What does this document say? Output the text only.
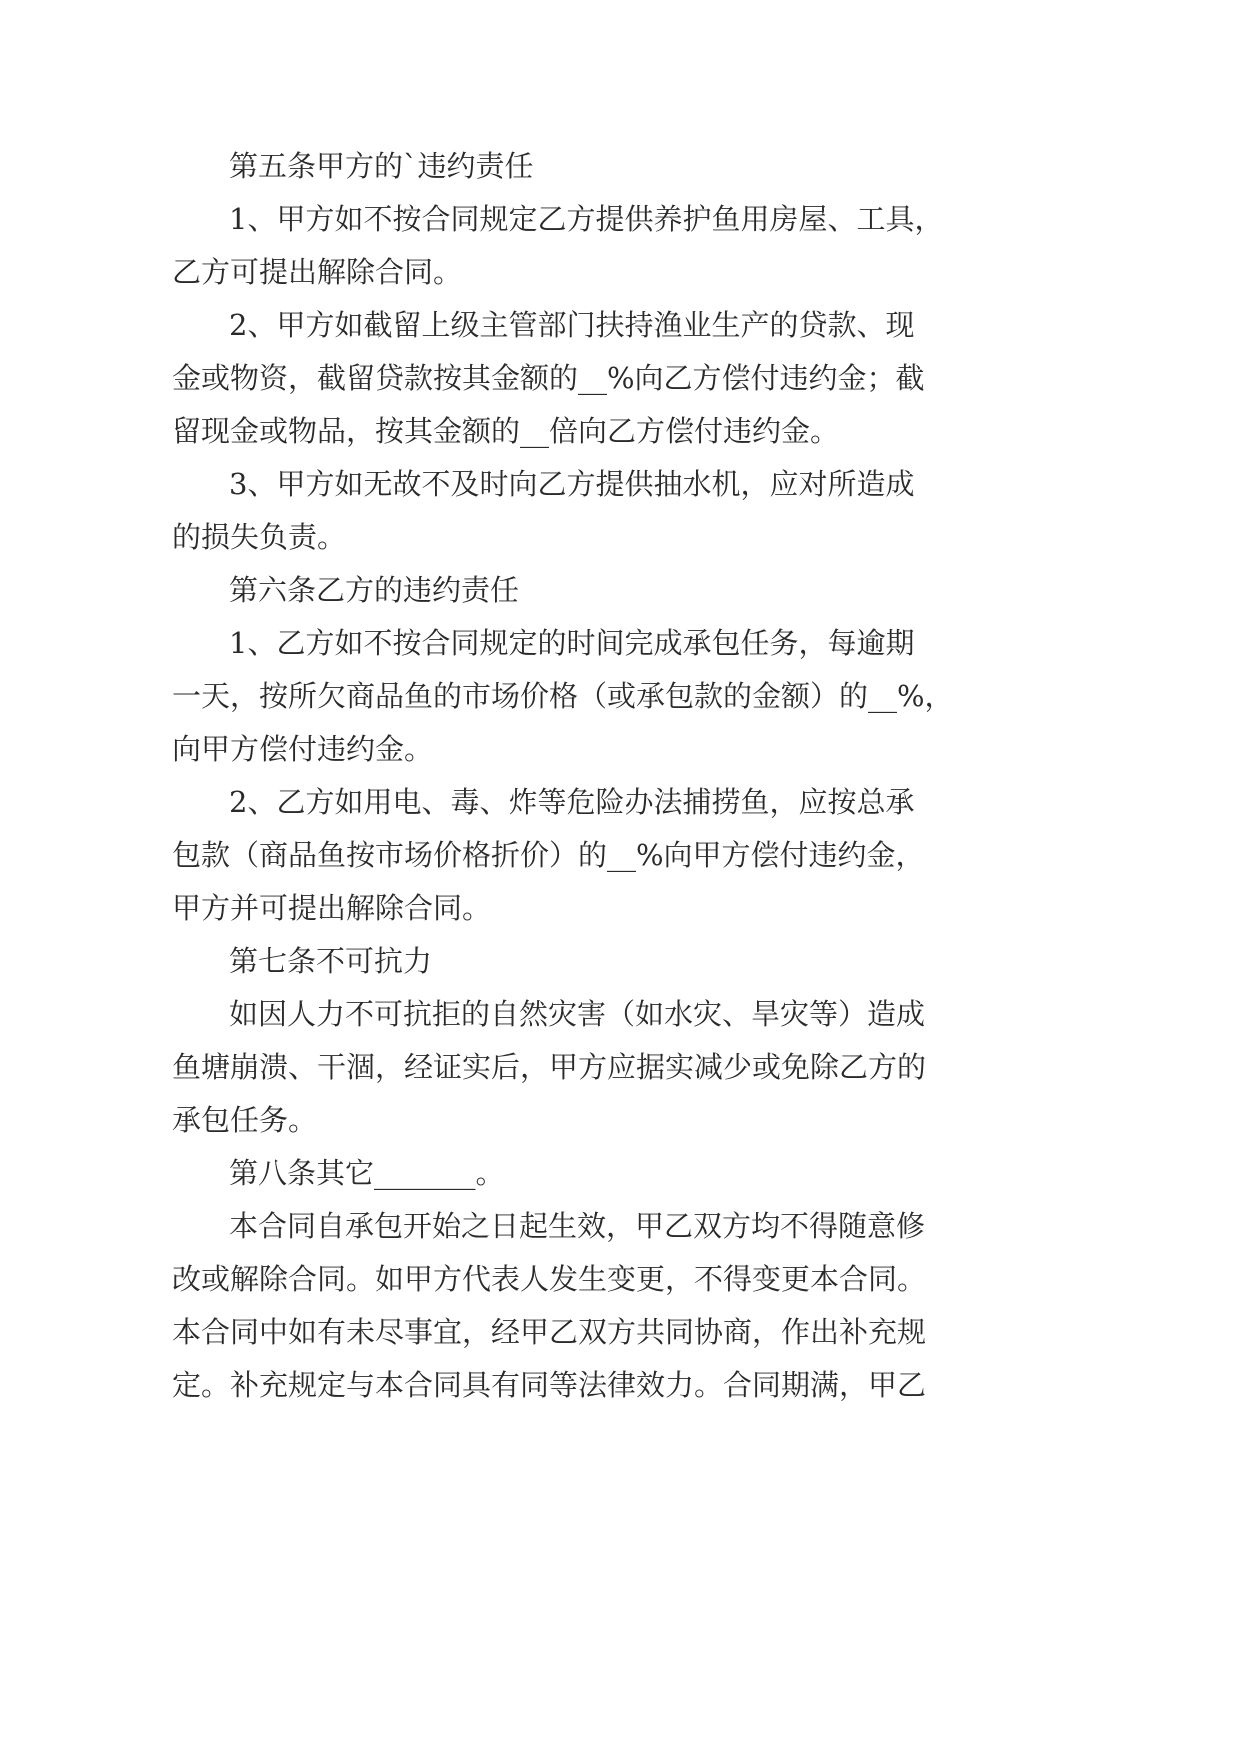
第五条甲方的`违约责任
1、甲方如不按合同规定乙方提供养护鱼用房屋、工具，
乙方可提出解除合同。
2、甲方如截留上级主管部门扶持渔业生产的贷款、现
金或物资，截留贷款按其金额的__%向乙方偿付违约金；截
留现金或物品，按其金额的__倍向乙方偿付违约金。
3、甲方如无故不及时向乙方提供抽水机，应对所造成
的损失负责。
第六条乙方的违约责任
1、乙方如不按合同规定的时间完成承包任务，每逾期
一天，按所欠商品鱼的市场价格（或承包款的金额）的__%，
向甲方偿付违约金。
2、乙方如用电、毒、炸等危险办法捕捞鱼，应按总承
包款（商品鱼按市场价格折价）的__%向甲方偿付违约金，
甲方并可提出解除合同。
第七条不可抗力
如因人力不可抗拒的自然灾害（如水灾、旱灾等）造成
鱼塘崩溃、干涸，经证实后，甲方应据实减少或免除乙方的
承包任务。
第八条其它_______。
本合同自承包开始之日起生效，甲乙双方均不得随意修
改或解除合同。如甲方代表人发生变更，不得变更本合同。
本合同中如有未尽事宜，经甲乙双方共同协商，作出补充规
定。补充规定与本合同具有同等法律效力。合同期满，甲乙
